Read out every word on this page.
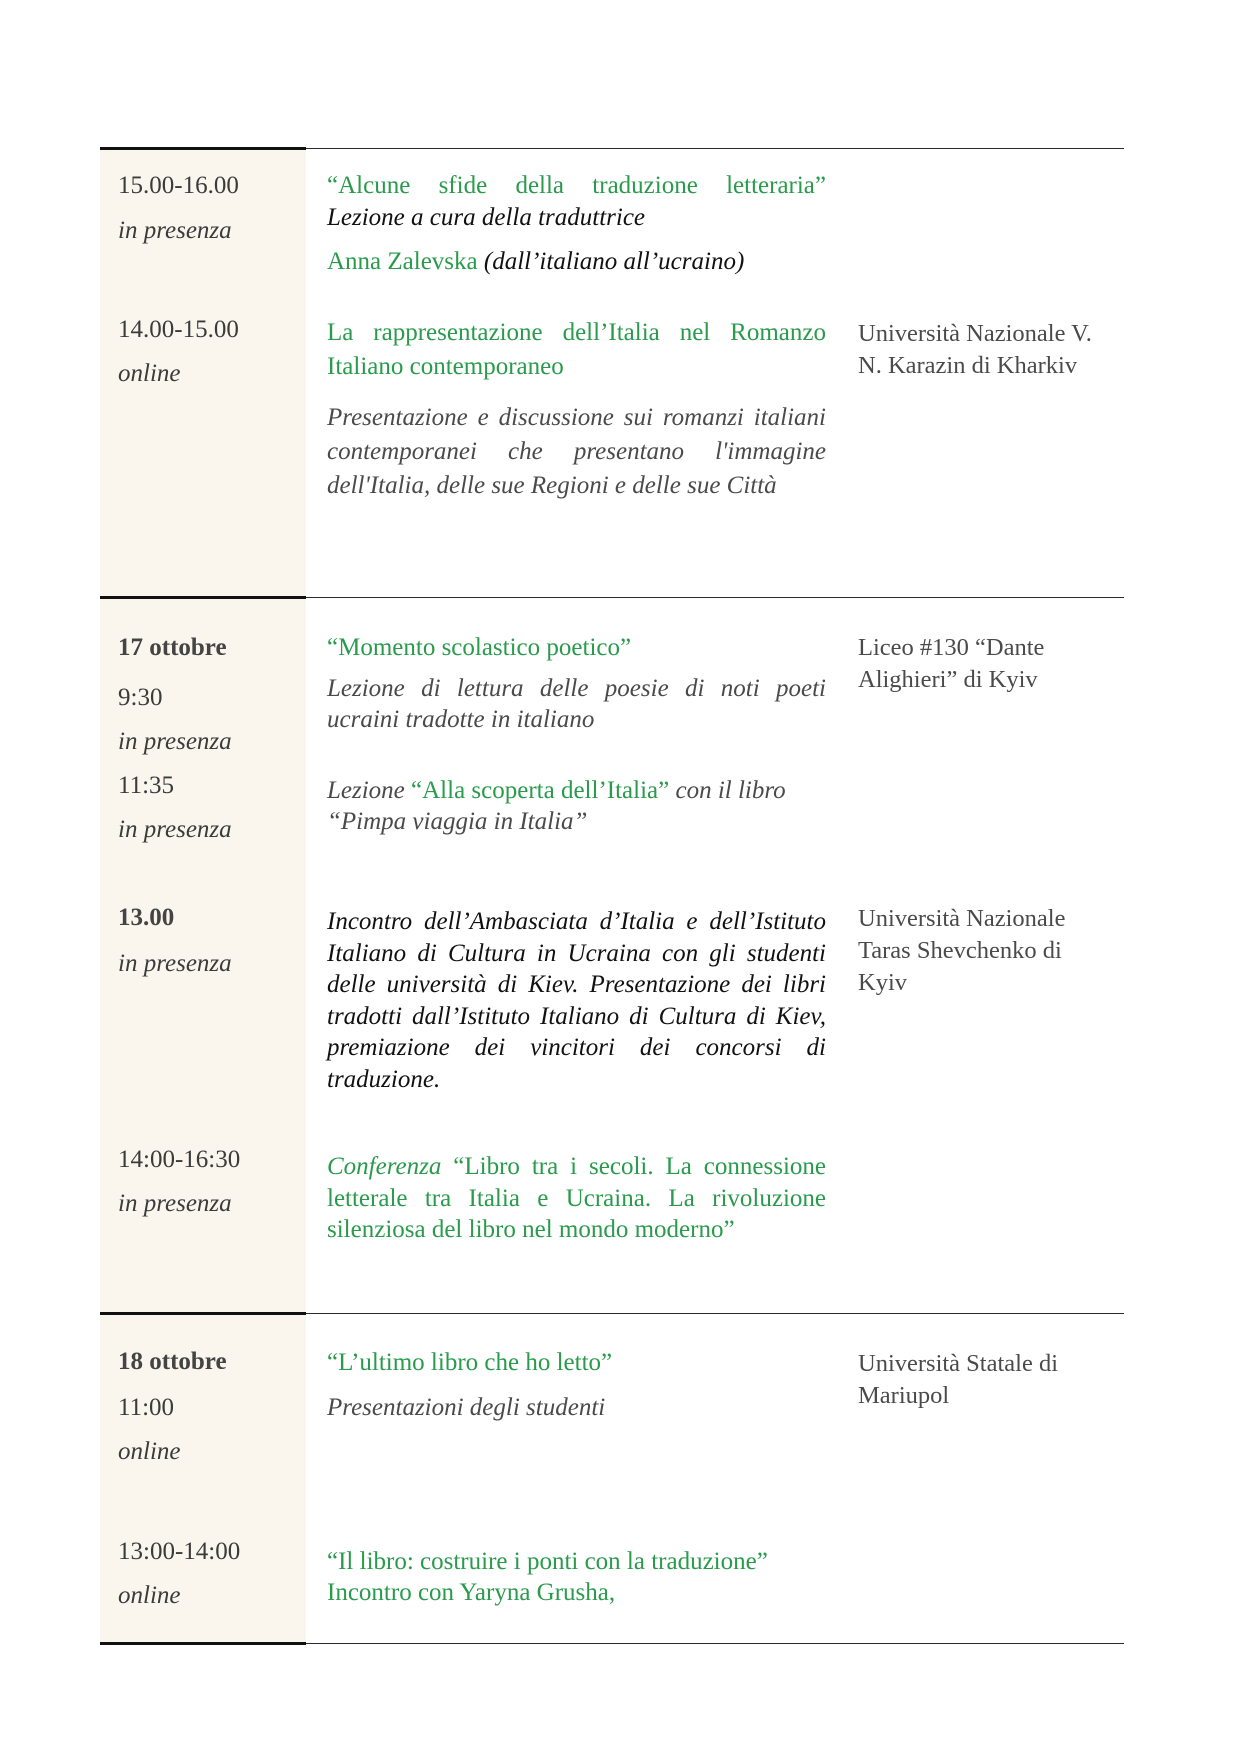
15.00-16.00
in presenza
“Alcune sfide della traduzione letteraria”
Lezione a cura della traduttrice
Anna Zalevska (dall’italiano all’ucraino)
14.00-15.00
online
La rappresentazione dell’Italia nel Romanzo Italiano contemporaneo
Presentazione e discussione sui romanzi italiani contemporanei che presentano l'immagine dell'Italia, delle sue Regioni e delle sue Città
Università Nazionale V. N. Karazin di Kharkiv
17 ottobre
9:30
in presenza
11:35
in presenza
“Momento scolastico poetico”
Lezione di lettura delle poesie di noti poeti ucraini tradotte in italiano
Lezione “Alla scoperta dell’Italia” con il libro
“Pimpa viaggia in Italia”
Liceo #130 “Dante Alighieri” di Kyiv
13.00
in presenza
Incontro dell’Ambasciata d’Italia e dell’Istituto Italiano di Cultura in Ucraina con gli studenti delle università di Kiev. Presentazione dei libri tradotti dall’Istituto Italiano di Cultura di Kiev, premiazione dei vincitori dei concorsi di traduzione.
Università Nazionale Taras Shevchenko di Kyiv
14:00-16:30
in presenza
Conferenza “Libro tra i secoli. La connessione letterale tra Italia e Ucraina. La rivoluzione silenziosa del libro nel mondo moderno”
18 ottobre
11:00
online
“L’ultimo libro che ho letto”
Presentazioni degli studenti
Università Statale di Mariupol
13:00-14:00
online
“Il libro: costruire i ponti con la traduzione”
Incontro con Yaryna Grusha,
